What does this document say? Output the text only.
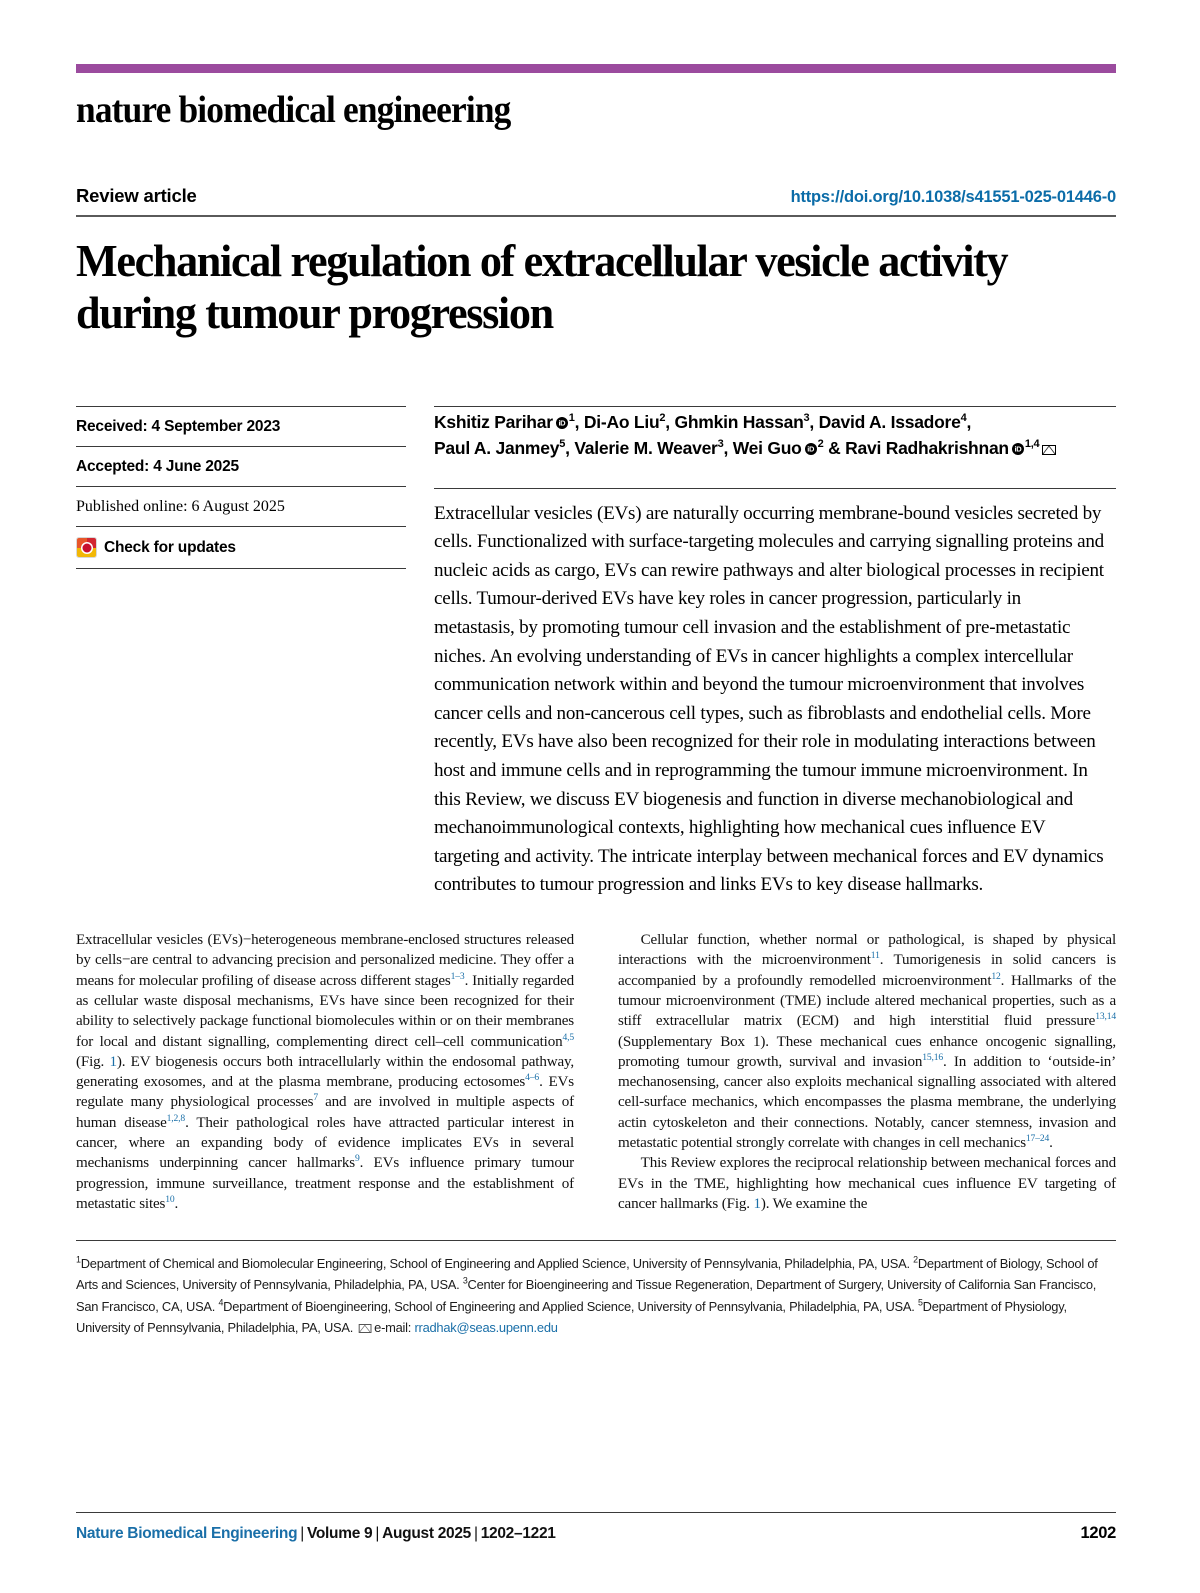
nature biomedical engineering
Review article	https://doi.org/10.1038/s41551-025-01446-0
Mechanical regulation of extracellular vesicle activity during tumour progression
Received: 4 September 2023
Accepted: 4 June 2025
Published online: 6 August 2025
Check for updates
Kshitiz Parihar iD $^1$, Di-Ao Liu$^2$, Ghmkin Hassan$^3$, David A. Issadore$^4$,
Paul A. Janmey$^5$, Valerie M. Weaver$^3$, Wei Guo iD $^2$ & Ravi RadhakrishnaniD $^{1,4}$
Extracellular vesicles (EVs) are naturally occurring membrane-bound vesicles secreted by cells. Functionalized with surface-targeting molecules and carrying signalling proteins and nucleic acids as cargo, EVs can rewire pathways and alter biological processes in recipient cells. Tumour-derived EVs have key roles in cancer progression, particularly in metastasis, by promoting tumour cell invasion and the establishment of pre-metastatic niches. An evolving understanding of EVs in cancer highlights a complex intercellular communication network within and beyond the tumour microenvironment that involves cancer cells and non-cancerous cell types, such as fibroblasts and endothelial cells. More recently, EVs have also been recognized for their role in modulating interactions between host and immune cells and in reprogramming the tumour immune microenvironment. In this Review, we discuss EV biogenesis and function in diverse mechanobiological and mechanoimmunological contexts, highlighting how mechanical cues influence EV targeting and activity. The intricate interplay between mechanical forces and EV dynamics contributes to tumour progression and links EVs to key disease hallmarks.

Extracellular vesicles (EVs)−heterogeneous membrane-enclosed structures released by cells−are central to advancing precision and personalized medicine. They offer a means for molecular profiling of disease across different stages$^{1-3}$. Initially regarded as cellular waste disposal mechanisms, EVs have since been recognized for their ability to selectively package functional biomolecules within or on their membranes for local and distant signalling, complementing direct cell–cell communication$^{4,5}$ (Fig. 1). EV biogenesis occurs both intracellularly within the endosomal pathway, generating exosomes, and at the plasma membrane, producing ectosomes$^{4-6}$. EVs regulate many physiological processes$^7$ and are involved in multiple aspects of human disease$^{1,2,8}$. Their pathological roles have attracted particular interest in cancer, where an expanding body of evidence implicates EVs in several mechanisms underpinning cancer hallmarks$^9$. EVs influence primary tumour progression, immune surveillance, treatment response and the establishment of metastatic sites$^{10}$.

Cellular function, whether normal or pathological, is shaped by physical interactions with the microenvironment$^{11}$. Tumorigenesis in solid cancers is accompanied by a profoundly remodelled microenvironment$^{12}$. Hallmarks of the tumour microenvironment (TME) include altered mechanical properties, such as a stiff extracellular matrix (ECM) and high interstitial fluid pressure$^{13,14}$ (Supplementary Box 1). These mechanical cues enhance oncogenic signalling, promoting tumour growth, survival and invasion$^{15,16}$. In addition to ‘outside-in’ mechanosensing, cancer also exploits mechanical signalling associated with altered cell-surface mechanics, which encompasses the plasma membrane, the underlying actin cytoskeleton and their connections. Notably, cancer stemness, invasion and metastatic potential strongly correlate with changes in cell mechanics$^{17-24}$.

This Review explores the reciprocal relationship between mechanical forces and EVs in the TME, highlighting how mechanical cues influence EV targeting of cancer hallmarks (Fig. 1). We examine the

$^1$Department of Chemical and Biomolecular Engineering, School of Engineering and Applied Science, University of Pennsylvania, Philadelphia, PA, USA. $^2$Department of Biology, School of Arts and Sciences, University of Pennsylvania, Philadelphia, PA, USA. $^3$Center for Bioengineering and Tissue Regeneration, Department of Surgery, University of California San Francisco, San Francisco, CA, USA. $^4$Department of Bioengineering, School of Engineering and Applied Science, University of Pennsylvania, Philadelphia, PA, USA. $^5$Department of Physiology, University of Pennsylvania, Philadelphia, PA, USA. e-mail: rradhak@seas.upenn.edu
Nature Biomedical Engineering | Volume 9 | August 2025 | 1202–1221	1202
